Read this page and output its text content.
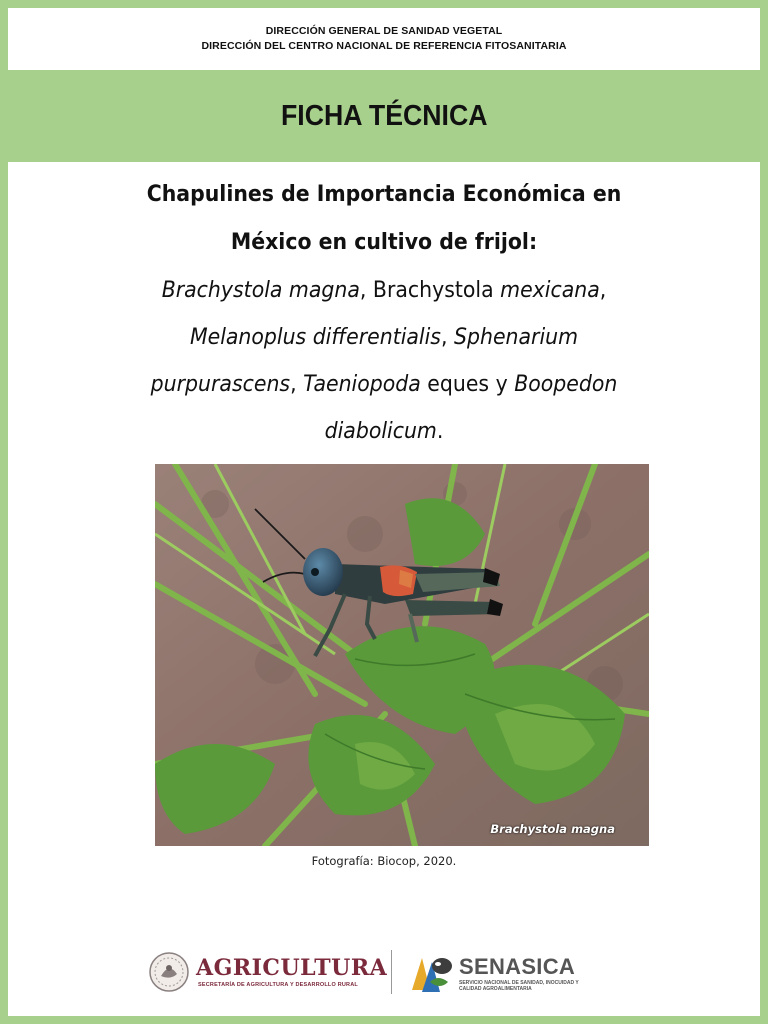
DIRECCIÓN GENERAL DE SANIDAD VEGETAL
DIRECCIÓN DEL CENTRO NACIONAL DE REFERENCIA FITOSANITARIA
FICHA TÉCNICA
Chapulines de Importancia Económica en
México en cultivo de frijol:
Brachystola magna, Brachystola mexicana,
Melanoplus differentialis, Sphenarium
purpurascens, Taeniopoda eques y Boopedon
diabolicum.
Brachystola magna
Fotografía: Biocop, 2020.
AGRICULTURA
SECRETARÍA DE AGRICULTURA Y DESARROLLO RURAL
SENASICA
SERVICIO NACIONAL DE SANIDAD, INOCUIDAD Y CALIDAD AGROALIMENTARIA
